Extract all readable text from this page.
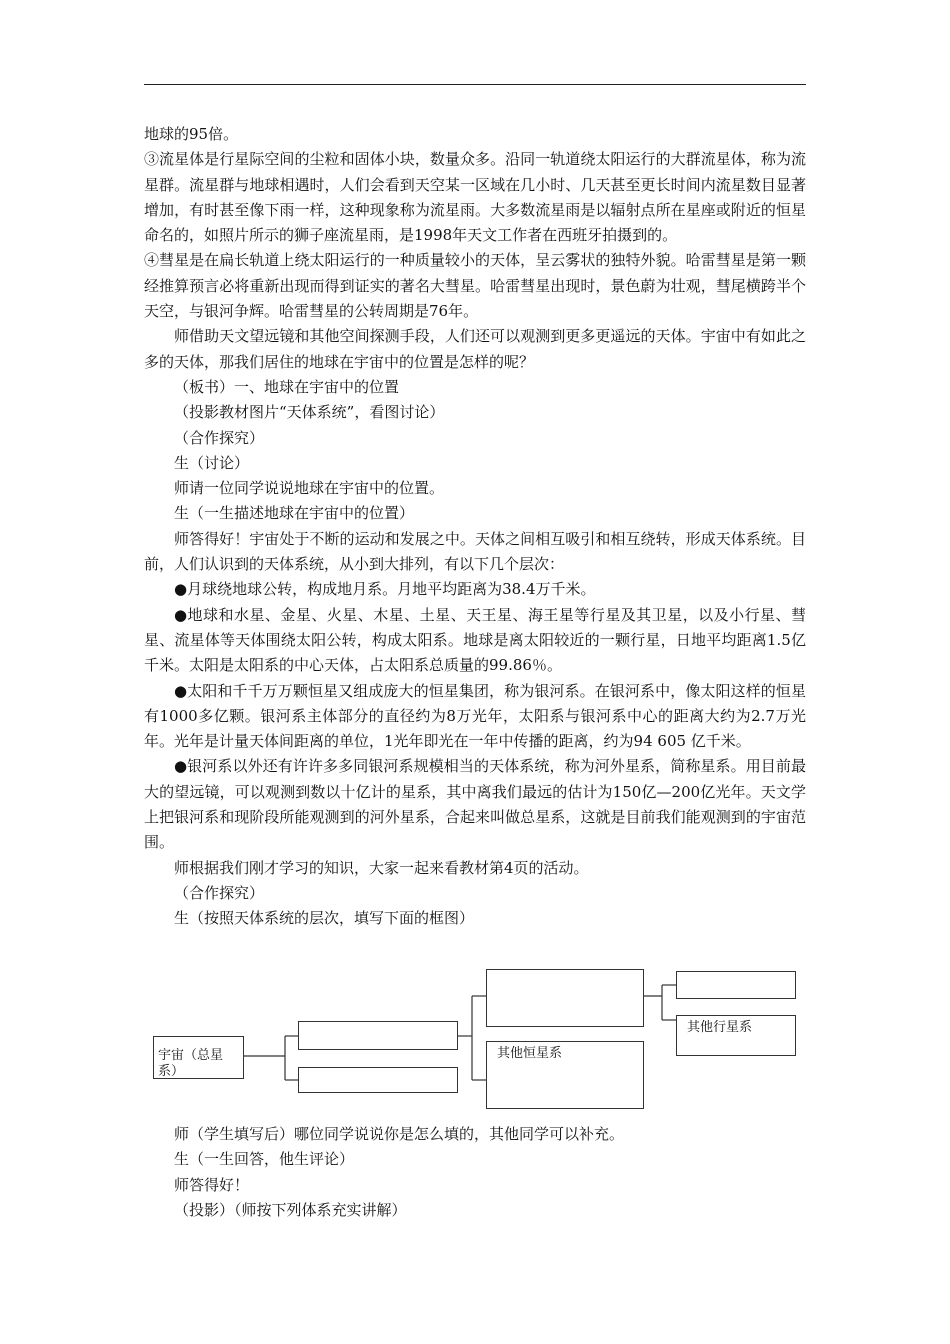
地球的95倍。

③流星体是行星际空间的尘粒和固体小块，数量众多。沿同一轨道绕太阳运行的大群流星体，称为流星群。流星群与地球相遇时，人们会看到天空某一区域在几小时、几天甚至更长时间内流星数目显著增加，有时甚至像下雨一样，这种现象称为流星雨。大多数流星雨是以辐射点所在星座或附近的恒星命名的，如照片所示的狮子座流星雨，是1998年天文工作者在西班牙拍摄到的。

④彗星是在扁长轨道上绕太阳运行的一种质量较小的天体，呈云雾状的独特外貌。哈雷彗星是第一颗经推算预言必将重新出现而得到证实的著名大彗星。哈雷彗星出现时，景色蔚为壮观，彗尾横跨半个天空，与银河争辉。哈雷彗星的公转周期是76年。

师借助天文望远镜和其他空间探测手段，人们还可以观测到更多更遥远的天体。宇宙中有如此之多的天体，那我们居住的地球在宇宙中的位置是怎样的呢？

（板书）一、地球在宇宙中的位置

（投影教材图片“天体系统”，看图讨论）

（合作探究）

生（讨论）

师请一位同学说说地球在宇宙中的位置。

生（一生描述地球在宇宙中的位置）

师答得好！宇宙处于不断的运动和发展之中。天体之间相互吸引和相互绕转，形成天体系统。目前，人们认识到的天体系统，从小到大排列，有以下几个层次：

●月球绕地球公转，构成地月系。月地平均距离为38.4万千米。

●地球和水星、金星、火星、木星、土星、天王星、海王星等行星及其卫星，以及小行星、彗星、流星体等天体围绕太阳公转，构成太阳系。地球是离太阳较近的一颗行星，日地平均距离1.5亿千米。太阳是太阳系的中心天体，占太阳系总质量的99.86％。

●太阳和千千万万颗恒星又组成庞大的恒星集团，称为银河系。在银河系中，像太阳这样的恒星有1000多亿颗。银河系主体部分的直径约为8万光年，太阳系与银河系中心的距离大约为2.7万光年。光年是计量天体间距离的单位，1光年即光在一年中传播的距离，约为94 605 亿千米。

●银河系以外还有许许多多同银河系规模相当的天体系统，称为河外星系，简称星系。用目前最大的望远镜，可以观测到数以十亿计的星系，其中离我们最远的估计为150亿—200亿光年。天文学上把银河系和现阶段所能观测到的河外星系，合起来叫做总星系，这就是目前我们能观测到的宇宙范围。

师根据我们刚才学习的知识，大家一起来看教材第4页的活动。

（合作探究）

生（按照天体系统的层次，填写下面的框图）

宇宙（总星系）
其他恒星系
其他行星系

师（学生填写后）哪位同学说说你是怎么填的，其他同学可以补充。

生（一生回答，他生评论）

师答得好！

（投影）（师按下列体系充实讲解）
